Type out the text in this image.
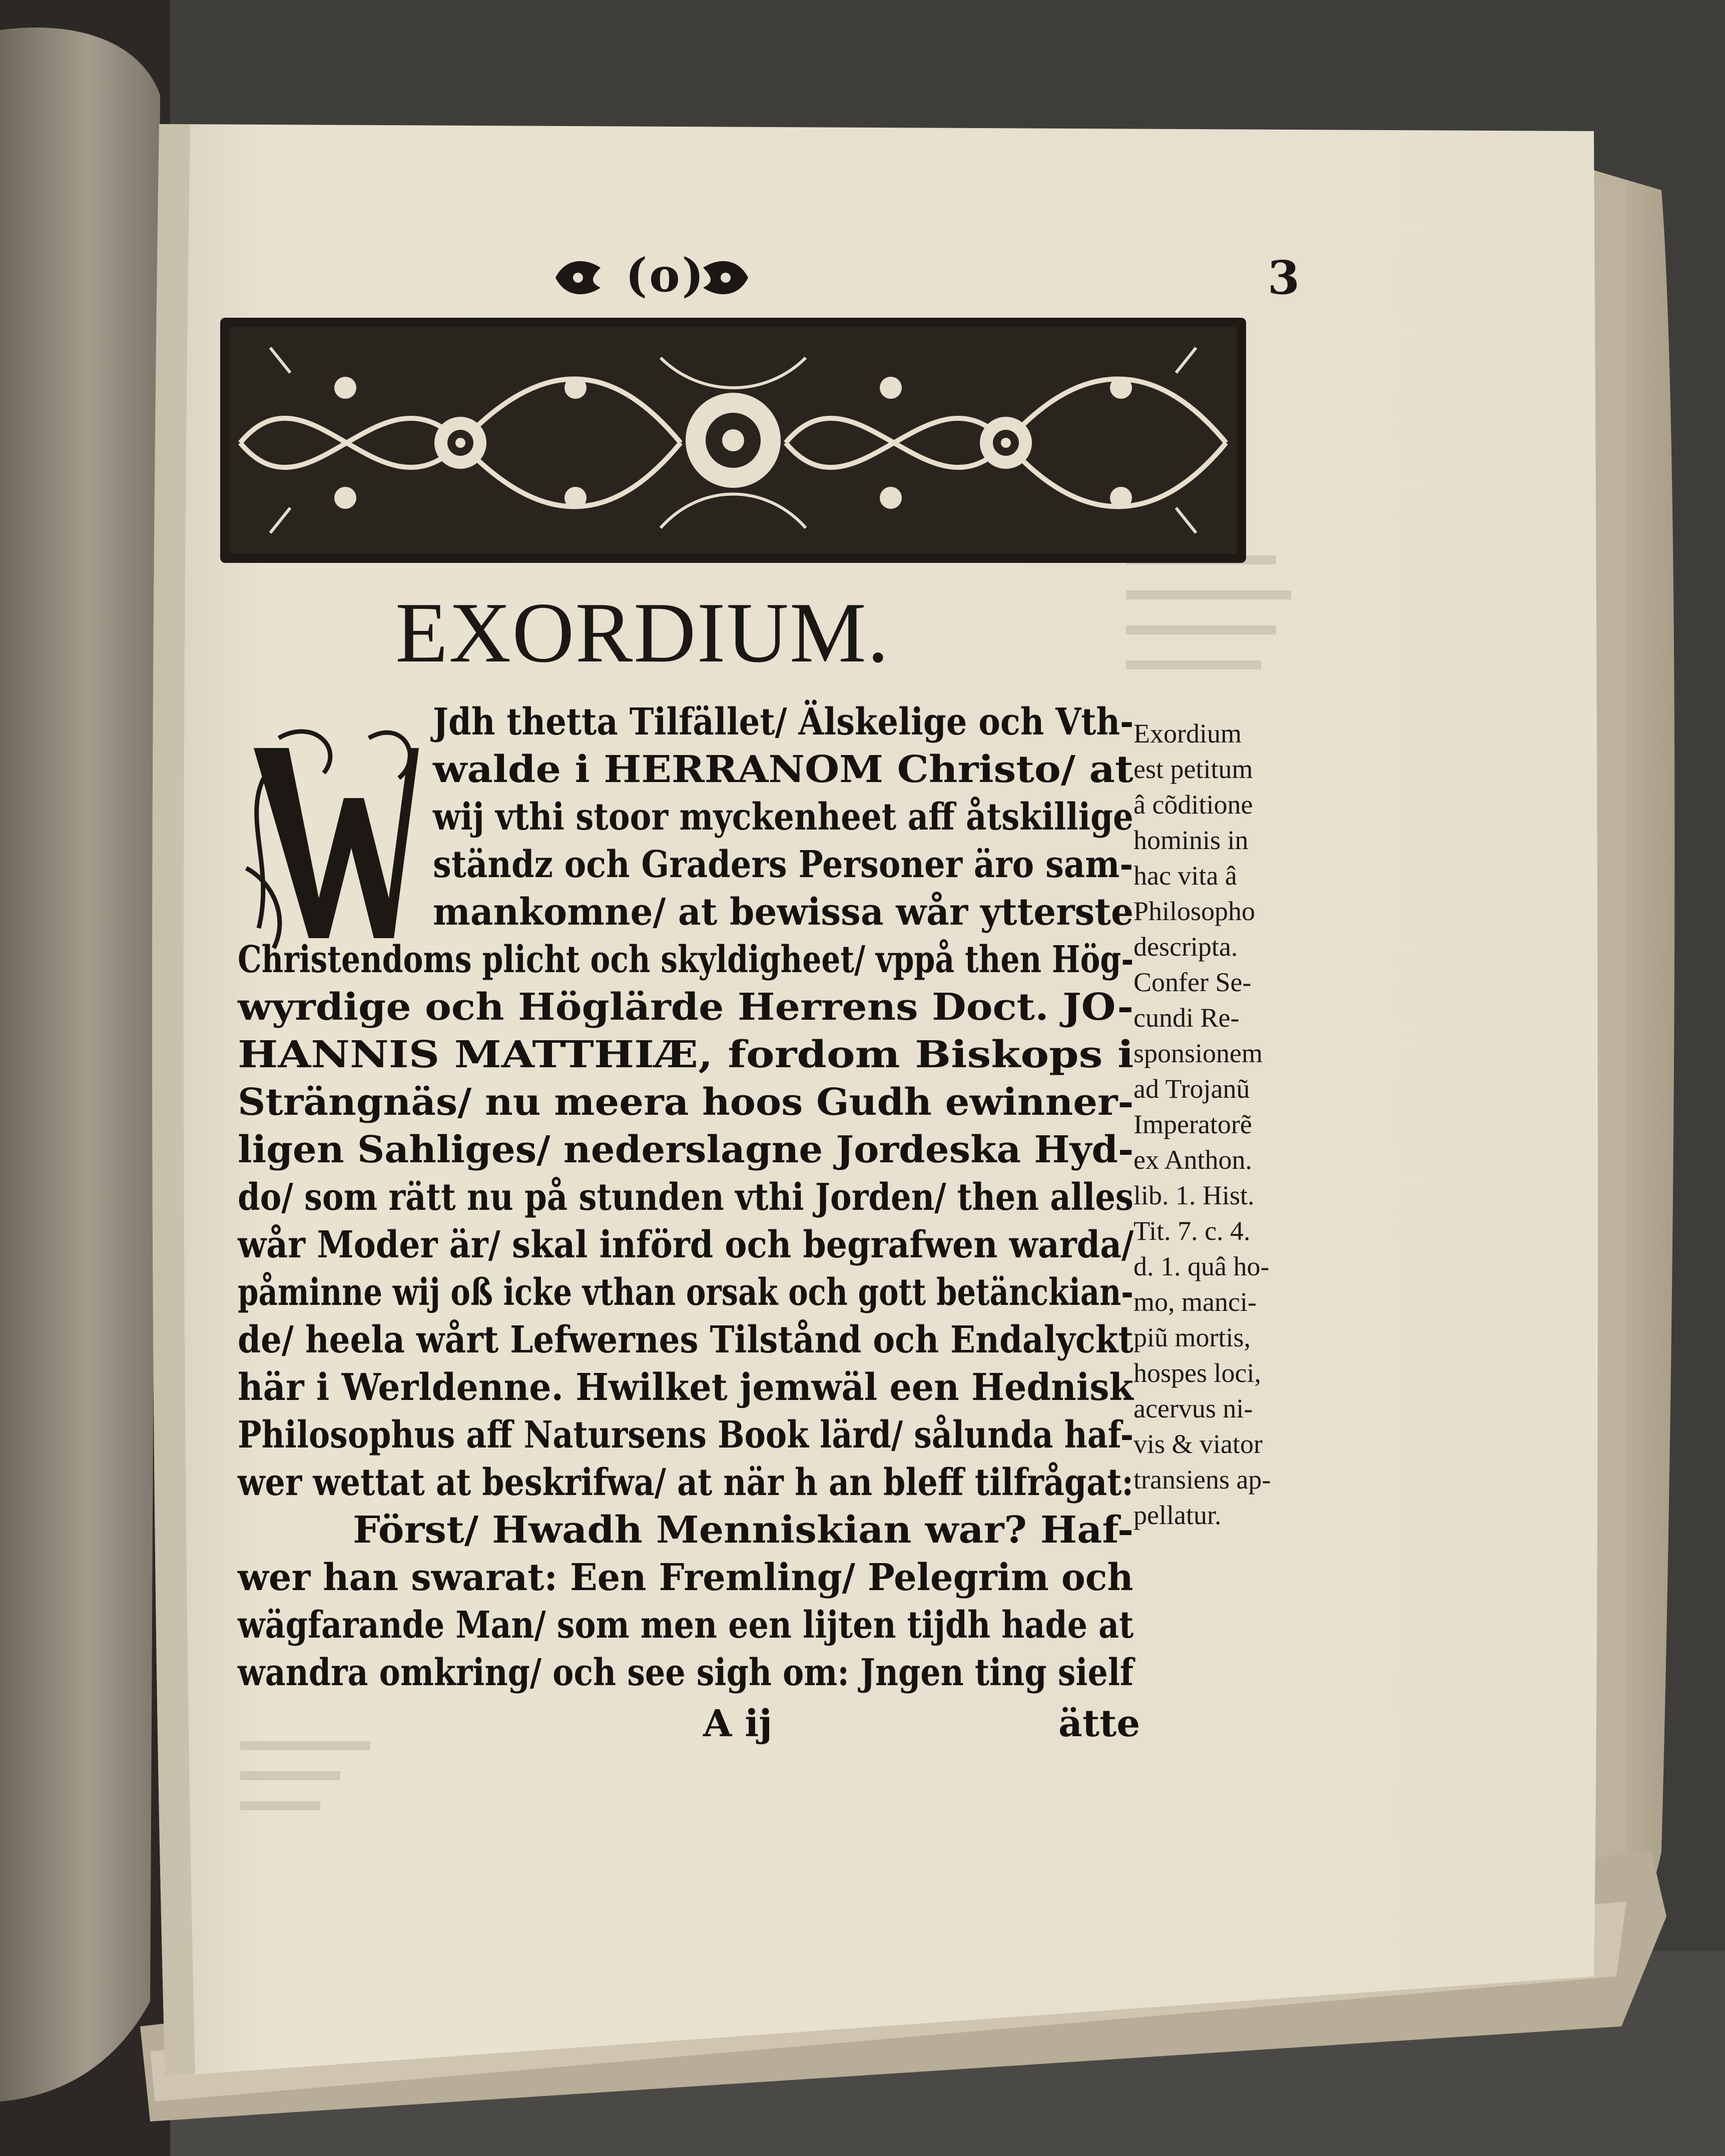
(o)	3
EXORDIUM.
Jdh thetta Tilfället/ Älskelige och Vth-
walde i HERRANOM Christo/ at
wij vthi stoor myckenheet aff åtskillige
ständz och Graders Personer äro sam-
mankomne/ at bewissa wår ytterste
Christendoms plicht och skyldigheet/ vppå then Hög-
wyrdige och Höglärde Herrens Doct. JO-
HANNIS MATTHIÆ, fordom Biskops i
Strängnäs/ nu meera hoos Gudh ewinner-
ligen Sahliges/ nederslagne Jordeska Hyd-
do/ som rätt nu på stunden vthi Jorden/ then alles
wår Moder är/ skal införd och begrafwen warda/
påminne wij oß icke vthan orsak och gott betänckian-
de/ heela wårt Lefwernes Tilstånd och Endalyckt
här i Werldenne. Hwilket jemwäl een Hednisk
Philosophus aff Natursens Book lärd/ sålunda haf-
wer wettat at beskrifwa/ at när h an bleff tilfrågat:
Först/ Hwadh Menniskian war? Haf-
wer han swarat: Een Fremling/ Pelegrim och
wägfarande Man/ som men een lijten tijdh hade at
wandra omkring/ och see sigh om: Jngen ting sielf
A ij	ätte
Exordium
est petitum
â cõditione
hominis in
hac vita â
Philosopho
descripta.
Confer Se-
cundi Re-
sponsionem
ad Trojanũ
Imperatorẽ
ex Anthon.
lib. 1. Hist.
Tit. 7. c. 4.
d. 1. quâ ho-
mo, manci-
piũ mortis,
hospes loci,
acervus ni-
vis & viator
transiens ap-
pellatur.
